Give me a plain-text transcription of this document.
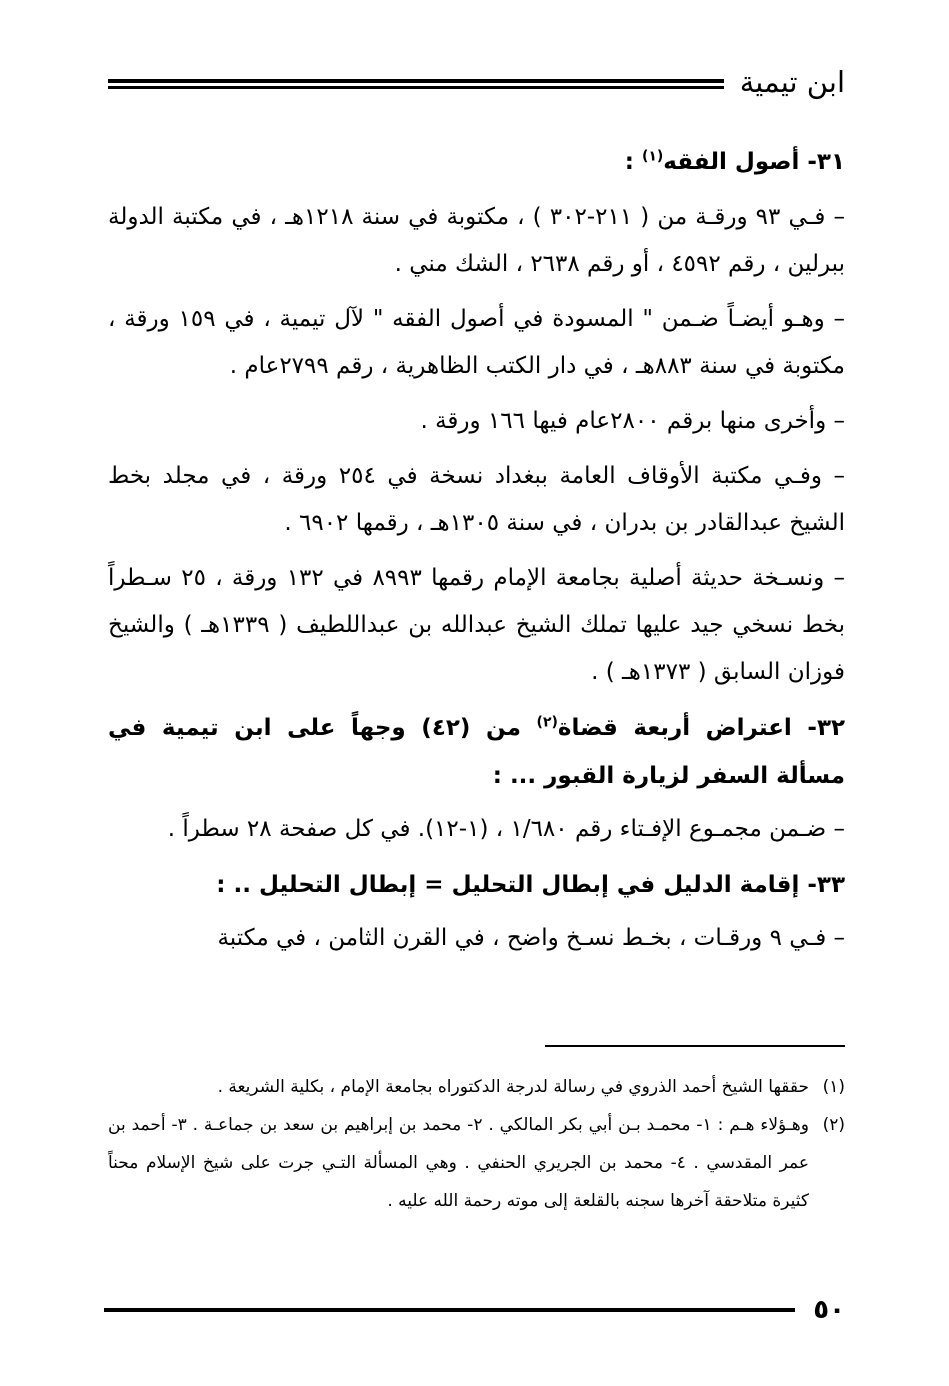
ابن تيمية
٣١- أصول الفقه$^{(١)}$ :

– فـي ٩٣ ورقـة من ( ٢١١-٣٠٢ ) ، مكتوبة في سنة ١٢١٨هـ ، في مكتبة الدولة ببرلين ، رقم ٤٥٩٢ ، أو رقم ٢٦٣٨ ، الشك مني .

– وهـو أيضـاً ضـمن " المسودة في أصول الفقه " لآل تيمية ، في ١٥٩ ورقة ، مكتوبة في سنة ٨٨٣هـ ، في دار الكتب الظاهرية ، رقم ٢٧٩٩عام .

– وأخرى منها برقم ٢٨٠٠عام فيها ١٦٦ ورقة .

– وفـي مكتبة الأوقاف العامة ببغداد نسخة في ٢٥٤ ورقة ، في مجلد بخط الشيخ عبدالقادر بن بدران ، في سنة ١٣٠٥هـ ، رقمها ٦٩٠٢ .

– ونسـخة حديثة أصلية بجامعة الإمام رقمها ٨٩٩٣ في ١٣٢ ورقة ، ٢٥ سـطراً بخط نسخي جيد عليها تملك الشيخ عبدالله بن عبداللطيف ( ١٣٣٩هـ ) والشيخ فوزان السابق ( ١٣٧٣هـ ) .

٣٢- اعتراض أربعة قضاة$^{(٢)}$ من (٤٢) وجهاً على ابن تيمية في مسألة السفر لزيارة القبور ... :

– ضـمن مجمـوع الإفـتاء رقم ١/٦٨٠ ، (١-١٢). في كل صفحة ٢٨ سطراً .

٣٣- إقامة الدليل في إبطال التحليل = إبطال التحليل .. :

– فـي ٩ ورقـات ، بخـط نسـخ واضح ، في القرن الثامن ، في مكتبة

(١)
حققها الشيخ أحمد الذروي في رسالة لدرجة الدكتوراه بجامعة الإمام ، بكلية الشريعة .
(٢)
وهـؤلاء هـم : ١- محمـد بـن أبي بكر المالكي . ٢- محمد بن إبراهيم بن سعد بن جماعـة . ٣- أحمد بن عمر المقدسي . ٤- محمد بن الجريري الحنفي . وهي المسألة التـي جرت على شيخ الإسلام محناً كثيرة متلاحقة آخرها سجنه بالقلعة إلى موته رحمة الله عليه .
٥٠
